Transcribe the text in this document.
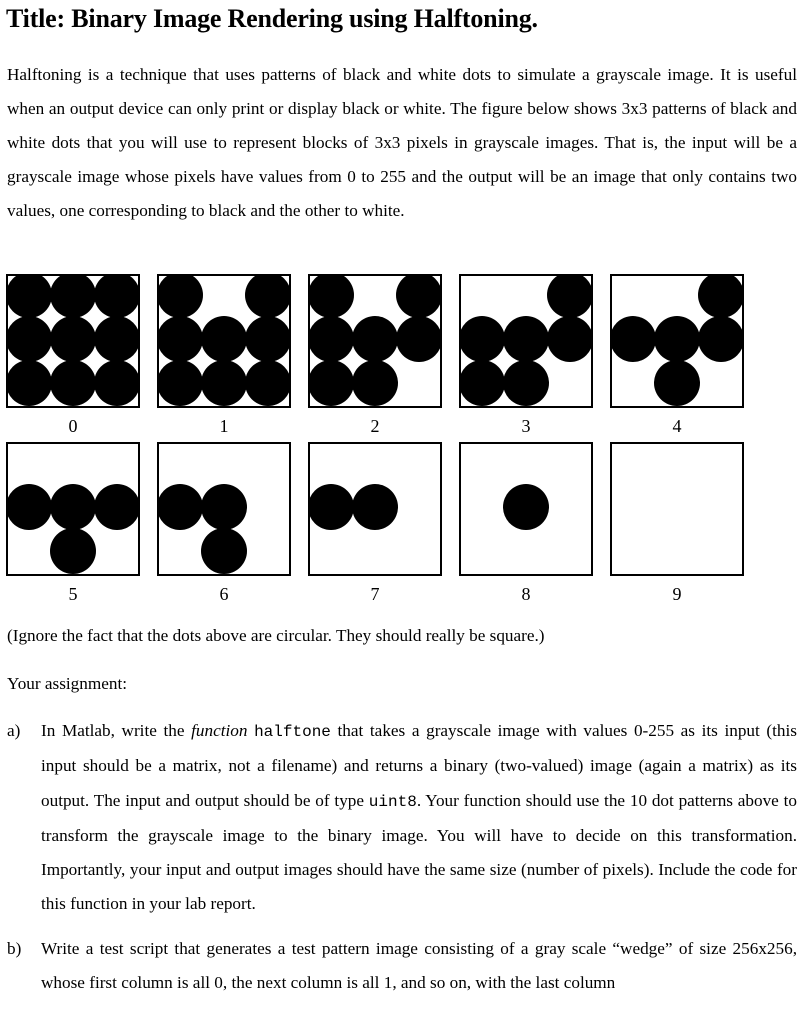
Title: Binary Image Rendering using Halftoning.

Halftoning is a technique that uses patterns of black and white dots to simulate a grayscale image. It is useful when an output device can only print or display black or white. The figure below shows 3x3 patterns of black and white dots that you will use to represent blocks of 3x3 pixels in grayscale images. That is, the input will be a grayscale image whose pixels have values from 0 to 255 and the output will be an image that only contains two values, one corresponding to black and the other to white.

0	1	2	3	4
5	6	7	8	9

(Ignore the fact that the dots above are circular. They should really be square.)

Your assignment:

a) In Matlab, write the function halftone that takes a grayscale image with values 0-255 as its input (this input should be a matrix, not a filename) and returns a binary (two-valued) image (again a matrix) as its output. The input and output should be of type uint8. Your function should use the 10 dot patterns above to transform the grayscale image to the binary image. You will have to decide on this transformation. Importantly, your input and output images should have the same size (number of pixels). Include the code for this function in your lab report.
b) Write a test script that generates a test pattern image consisting of a gray scale “wedge” of size 256x256, whose first column is all 0, the next column is all 1, and so on, with the last column
